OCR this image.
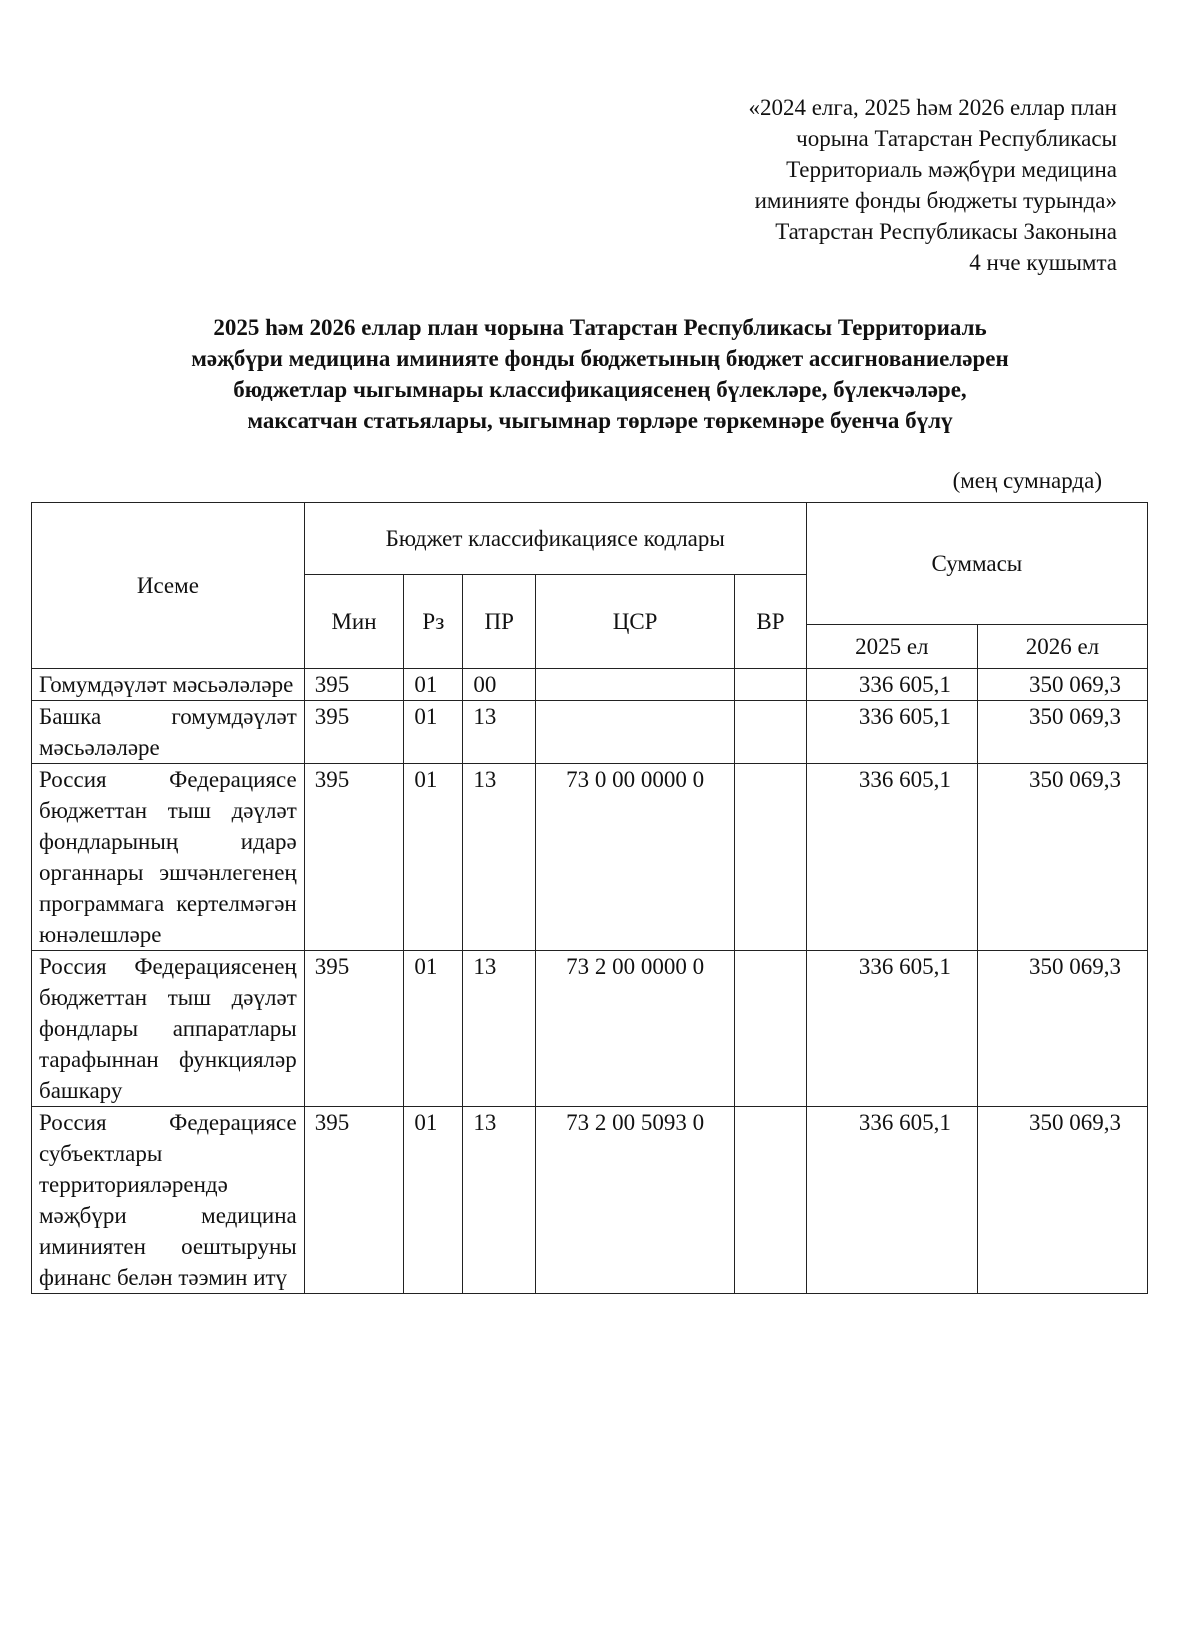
«2024 елга, 2025 һәм 2026 еллар план
чорына Татарстан Республикасы
Территориаль мәҗбүри медицина
иминияте фонды бюджеты турында»
Татарстан Республикасы Законына
4 нче кушымта
2025 һәм 2026 еллар план чорына Татарстан Республикасы Территориаль
мәҗбүри медицина иминияте фонды бюджетының бюджет ассигнованиеләрен
бюджетлар чыгымнары классификациясенең бүлекләре, бүлекчәләре,
максатчан статьялары, чыгымнар төрләре төркемнәре буенча бүлү
(мең сумнарда)
Исеме	Бюджет классификациясе кодлары					Суммасы	
	Мин	Рз	ПР	ЦСР	ВР		
						2025 ел	2026 ел
Гомумдәүләт мәсьәләләре	395	01	00			336 605,1	350 069,3
Башка гомумдәүләт мәсьәләләре	395	01	13			336 605,1	350 069,3
Россия Федерациясе бюджеттан тыш дәүләт фондларының идарә органнары эшчәнлегенең программага кертелмәгән юнәлешләре	395	01	13	73 0 00 0000 0		336 605,1	350 069,3
Россия Федерациясенең бюджеттан тыш дәүләт фондлары аппаратлары тарафыннан функцияләр башкару	395	01	13	73 2 00 0000 0		336 605,1	350 069,3
Россия Федерациясе субъектлары территорияләрендә мәҗбүри медицина иминиятен оештыруны финанс белән тәэмин итү	395	01	13	73 2 00 5093 0		336 605,1	350 069,3
